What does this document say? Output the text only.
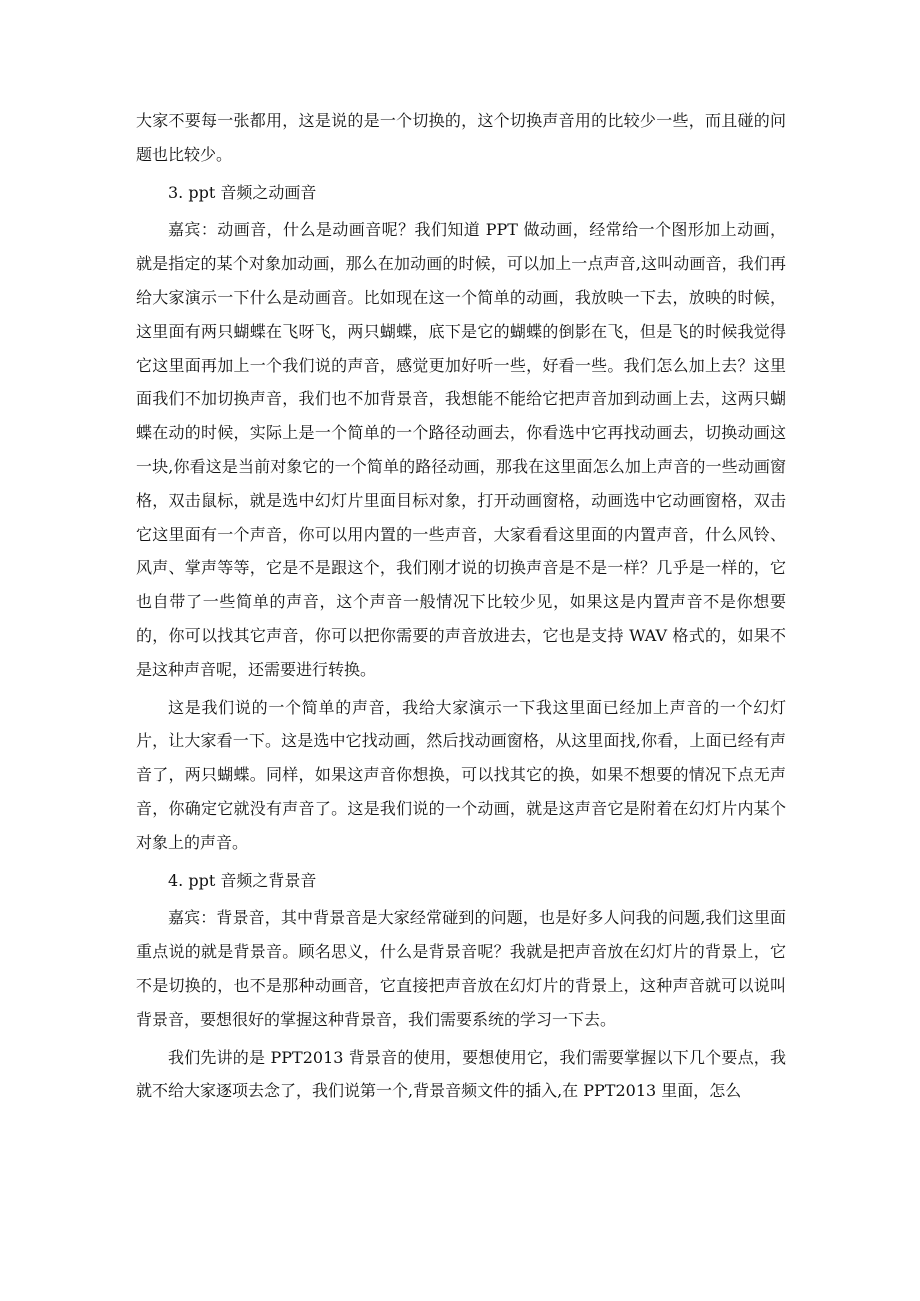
大家不要每一张都用，这是说的是一个切换的，这个切换声音用的比较少一些，而且碰的问题也比较少。

3. ppt 音频之动画音

嘉宾：动画音，什么是动画音呢？我们知道 PPT 做动画，经常给一个图形加上动画，就是指定的某个对象加动画，那么在加动画的时候，可以加上一点声音,这叫动画音，我们再给大家演示一下什么是动画音。比如现在这一个简单的动画，我放映一下去，放映的时候，这里面有两只蝴蝶在飞呀飞，两只蝴蝶，底下是它的蝴蝶的倒影在飞，但是飞的时候我觉得它这里面再加上一个我们说的声音，感觉更加好听一些，好看一些。我们怎么加上去？这里面我们不加切换声音，我们也不加背景音，我想能不能给它把声音加到动画上去，这两只蝴蝶在动的时候，实际上是一个简单的一个路径动画去，你看选中它再找动画去，切换动画这一块,你看这是当前对象它的一个简单的路径动画，那我在这里面怎么加上声音的一些动画窗格，双击鼠标，就是选中幻灯片里面目标对象，打开动画窗格，动画选中它动画窗格，双击它这里面有一个声音，你可以用内置的一些声音，大家看看这里面的内置声音，什么风铃、风声、掌声等等，它是不是跟这个，我们刚才说的切换声音是不是一样？几乎是一样的，它也自带了一些简单的声音，这个声音一般情况下比较少见，如果这是内置声音不是你想要的，你可以找其它声音，你可以把你需要的声音放进去，它也是支持 WAV 格式的，如果不是这种声音呢，还需要进行转换。

这是我们说的一个简单的声音，我给大家演示一下我这里面已经加上声音的一个幻灯片，让大家看一下。这是选中它找动画，然后找动画窗格，从这里面找,你看，上面已经有声音了，两只蝴蝶。同样，如果这声音你想换，可以找其它的换，如果不想要的情况下点无声音，你确定它就没有声音了。这是我们说的一个动画，就是这声音它是附着在幻灯片内某个对象上的声音。

4. ppt 音频之背景音

嘉宾：背景音，其中背景音是大家经常碰到的问题，也是好多人问我的问题,我们这里面重点说的就是背景音。顾名思义，什么是背景音呢？我就是把声音放在幻灯片的背景上，它不是切换的，也不是那种动画音，它直接把声音放在幻灯片的背景上，这种声音就可以说叫背景音，要想很好的掌握这种背景音，我们需要系统的学习一下去。

我们先讲的是 PPT2013 背景音的使用，要想使用它，我们需要掌握以下几个要点，我就不给大家逐项去念了，我们说第一个,背景音频文件的插入,在 PPT2013 里面，怎么
